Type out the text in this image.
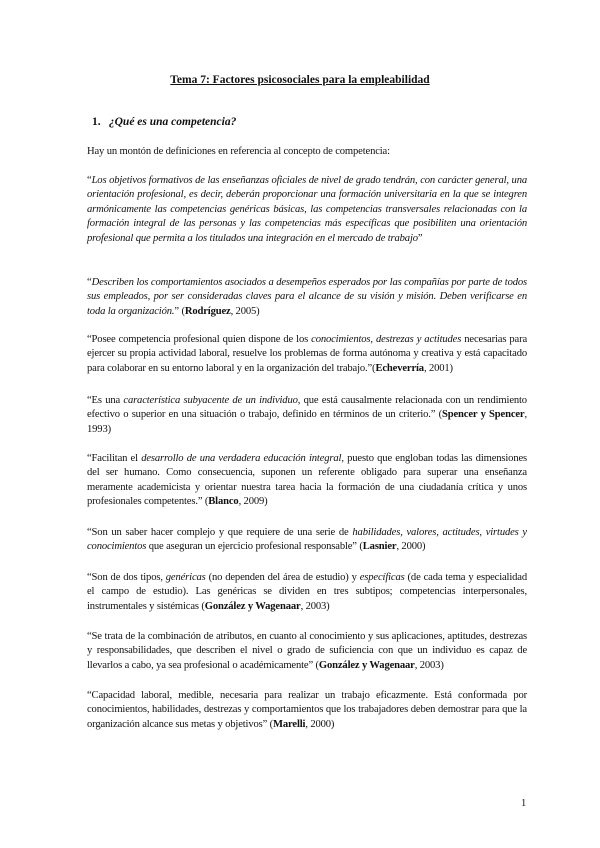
Tema 7: Factores psicosociales para la empleabilidad
1. ¿Qué es una competencia?
Hay un montón de definiciones en referencia al concepto de competencia:
“Los objetivos formativos de las enseñanzas oficiales de nivel de grado tendrán, con carácter general, una orientación profesional, es decir, deberán proporcionar una formación universitaria en la que se integren armónicamente las competencias genéricas básicas, las competencias transversales relacionadas con la formación integral de las personas y las competencias más específicas que posibiliten una orientación profesional que permita a los titulados una integración en el mercado de trabajo”
“Describen los comportamientos asociados a desempeños esperados por las compañías por parte de todos sus empleados, por ser consideradas claves para el alcance de su visión y misión. Deben verificarse en toda la organización.” (Rodríguez, 2005)
“Posee competencia profesional quien dispone de los conocimientos, destrezas y actitudes necesarias para ejercer su propia actividad laboral, resuelve los problemas de forma autónoma y creativa y está capacitado para colaborar en su entorno laboral y en la organización del trabajo.”(Echeverría, 2001)
“Es una característica subyacente de un individuo, que está causalmente relacionada con un rendimiento efectivo o superior en una situación o trabajo, definido en términos de un criterio.” (Spencer y Spencer, 1993)
“Facilitan el desarrollo de una verdadera educación integral, puesto que engloban todas las dimensiones del ser humano. Como consecuencia, suponen un referente obligado para superar una enseñanza meramente academicista y orientar nuestra tarea hacia la formación de una ciudadanía crítica y unos profesionales competentes.” (Blanco, 2009)
“Son un saber hacer complejo y que requiere de una serie de habilidades, valores, actitudes, virtudes y conocimientos que aseguran un ejercicio profesional responsable” (Lasnier, 2000)
“Son de dos tipos, genéricas (no dependen del área de estudio) y específicas (de cada tema y especialidad el campo de estudio). Las genéricas se dividen en tres subtipos; competencias interpersonales, instrumentales y sistémicas (González y Wagenaar, 2003)
“Se trata de la combinación de atributos, en cuanto al conocimiento y sus aplicaciones, aptitudes, destrezas y responsabilidades, que describen el nivel o grado de suficiencia con que un individuo es capaz de llevarlos a cabo, ya sea profesional o académicamente” (González y Wagenaar, 2003)
“Capacidad laboral, medible, necesaria para realizar un trabajo eficazmente. Está conformada por conocimientos, habilidades, destrezas y comportamientos que los trabajadores deben demostrar para que la organización alcance sus metas y objetivos” (Marelli, 2000)
1
